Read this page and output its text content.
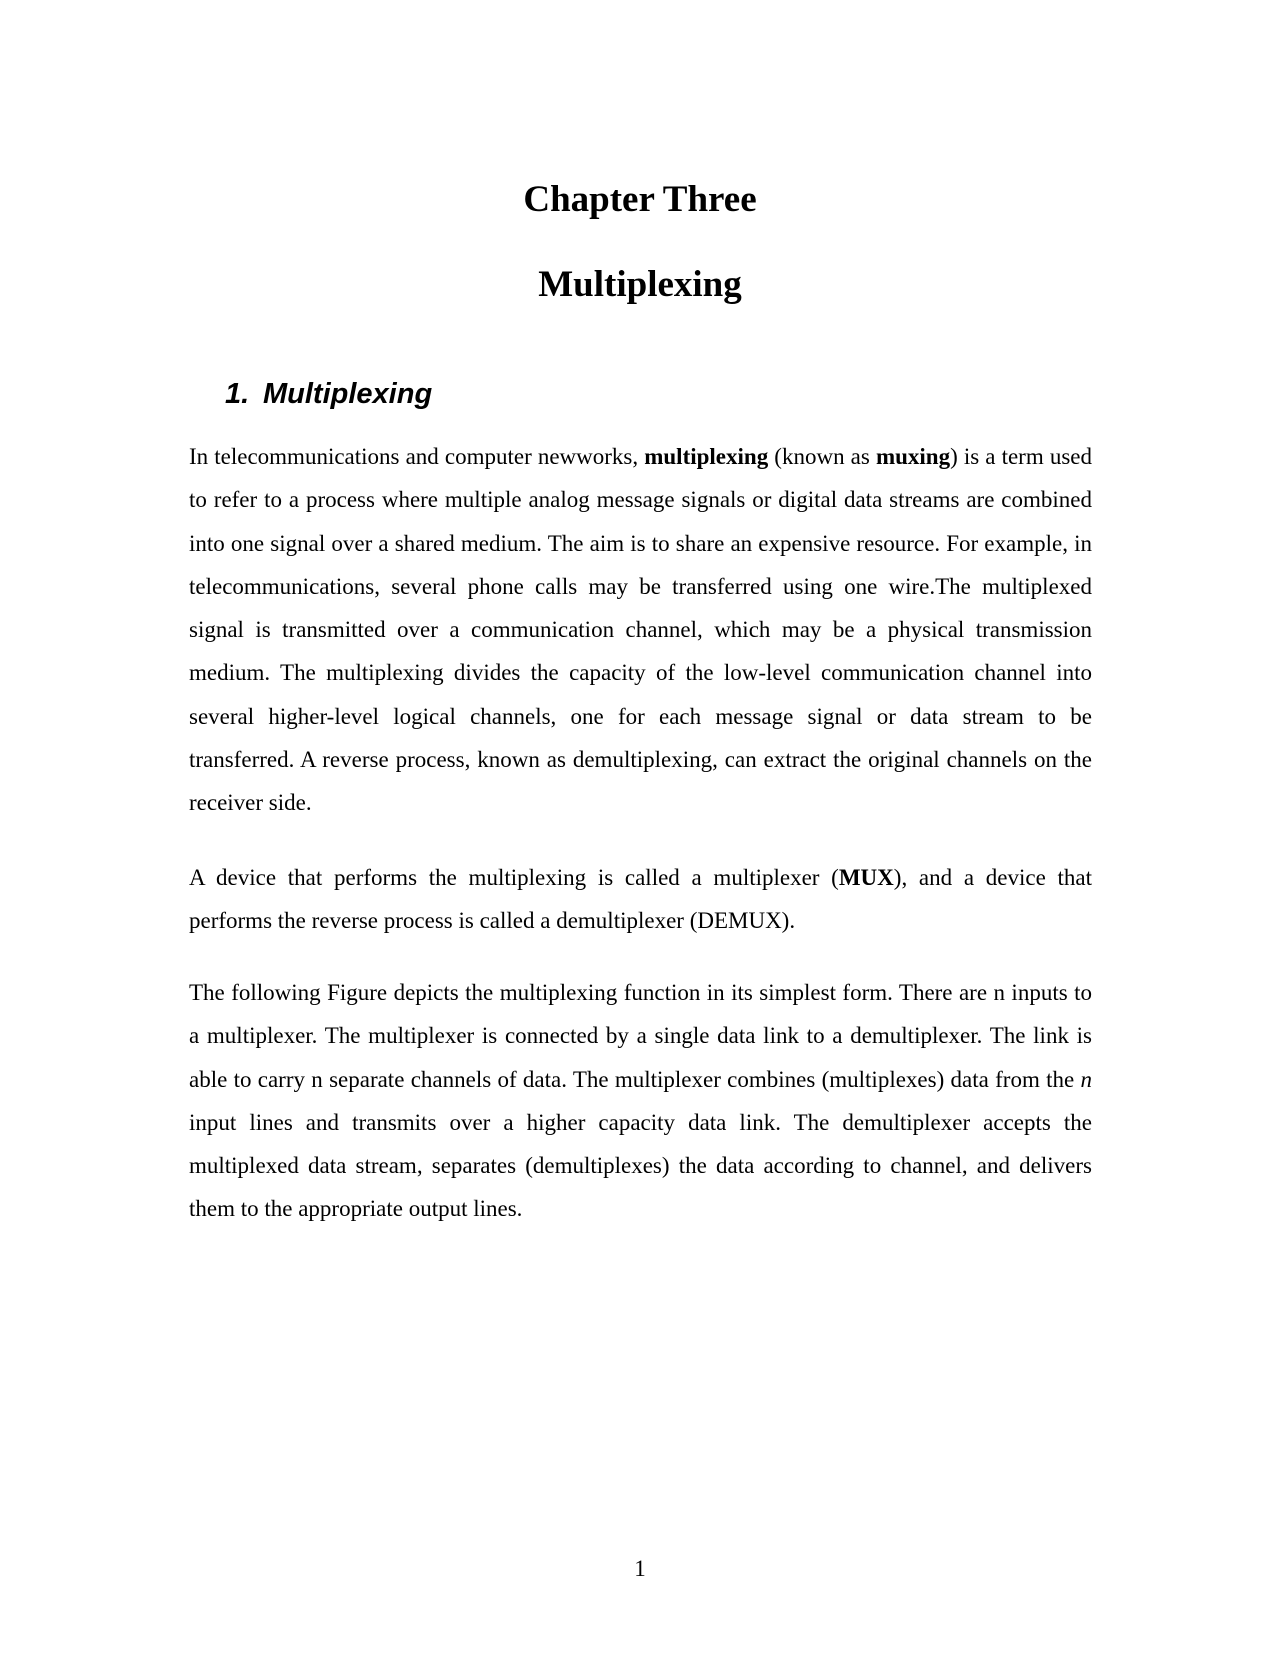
Chapter Three
Multiplexing
1. Multiplexing

In telecommunications and computer newworks, multiplexing (known as muxing) is a term used to refer to a process where multiple analog message signals or digital data streams are combined into one signal over a shared medium. The aim is to share an expensive resource. For example, in telecommunications, several phone calls may be transferred using one wire.The multiplexed signal is transmitted over a communication channel, which may be a physical transmission medium. The multiplexing divides the capacity of the low-level communication channel into several higher-level logical channels, one for each message signal or data stream to be transferred. A reverse process, known as demultiplexing, can extract the original channels on the receiver side.

A device that performs the multiplexing is called a multiplexer (MUX), and a device that performs the reverse process is called a demultiplexer (DEMUX).

The following Figure depicts the multiplexing function in its simplest form. There are n inputs to a multiplexer. The multiplexer is connected by a single data link to a demultiplexer. The link is able to carry n separate channels of data. The multiplexer combines (multiplexes) data from the n input lines and transmits over a higher capacity data link. The demultiplexer accepts the multiplexed data stream, separates (demultiplexes) the data according to channel, and delivers them to the appropriate output lines.

1
